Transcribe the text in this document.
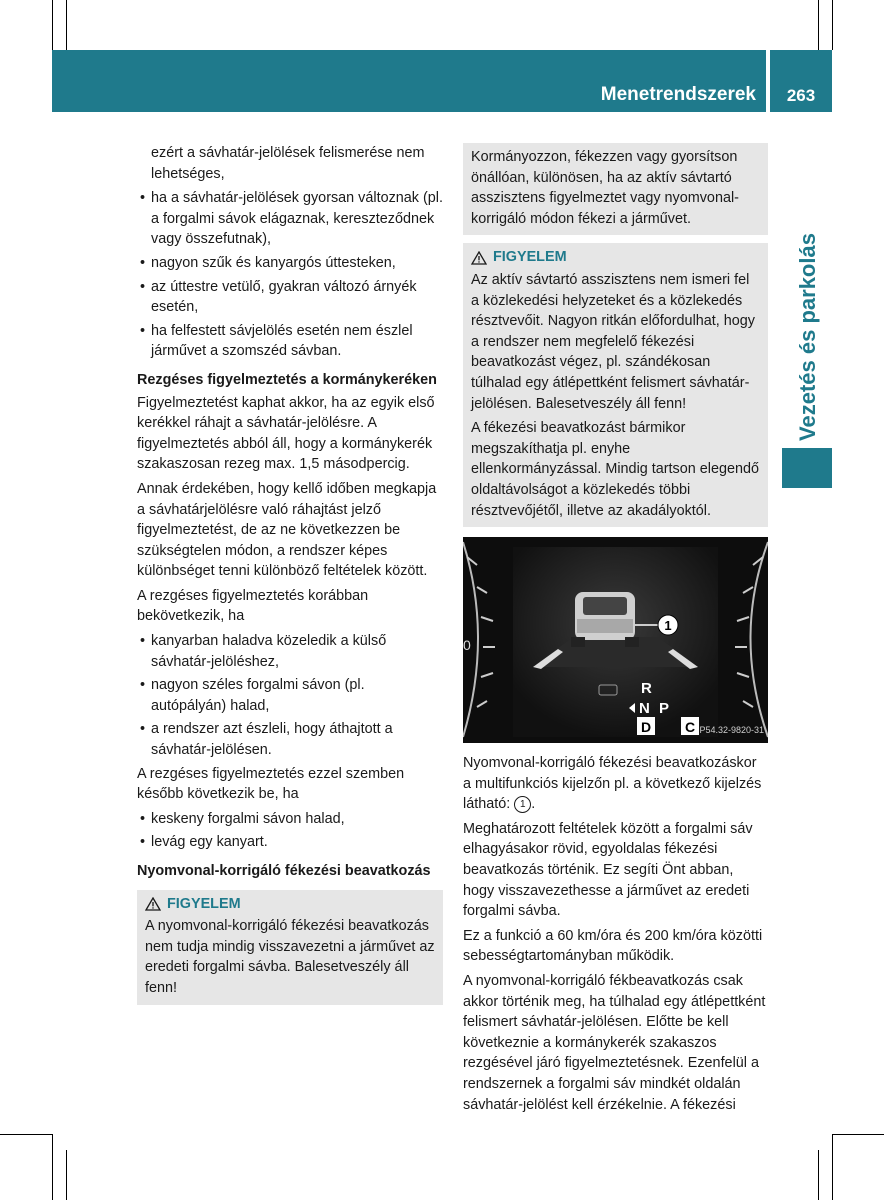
Menetrendszerek	263
Vezetés és parkolás

ezért a sávhatár-jelölések felismerése nem lehetséges,

• ha a sávhatár-jelölések gyorsan változnak (pl. a forgalmi sávok elágaznak, kereszteződnek vagy összefutnak),
• nagyon szűk és kanyargós úttesteken,
• az úttestre vetülő, gyakran változó árnyék esetén,
• ha felfestett sávjelölés esetén nem észlel járművet a szomszéd sávban.
Rezgéses figyelmeztetés a kormánykeréken

Figyelmeztetést kaphat akkor, ha az egyik első kerékkel ráhajt a sávhatár-jelölésre. A figyelmeztetés abból áll, hogy a kormánykerék szakaszosan rezeg max. 1,5 másodpercig.

Annak érdekében, hogy kellő időben megkapja a sávhatárjelölésre való ráhajtást jelző figyelmeztetést, de az ne következzen be szükségtelen módon, a rendszer képes különbséget tenni különböző feltételek között.

A rezgéses figyelmeztetés korábban bekövetkezik, ha

• kanyarban haladva közeledik a külső sávhatár-jelöléshez,
• nagyon széles forgalmi sávon (pl. autópályán) halad,
• a rendszer azt észleli, hogy áthajtott a sávhatár-jelölésen.

A rezgéses figyelmeztetés ezzel szemben később következik be, ha

• keskeny forgalmi sávon halad,
• levág egy kanyart.
Nyomvonal-korrigáló fékezési beavatkozás
FIGYELEM

A nyomvonal-korrigáló fékezési beavatkozás nem tudja mindig visszavezetni a járművet az eredeti forgalmi sávba. Balesetveszély áll fenn!

Kormányozzon, fékezzen vagy gyorsítson önállóan, különösen, ha az aktív sávtartó asszisztens figyelmeztet vagy nyomvonal-korrigáló módon fékezi a járművet.

FIGYELEM

Az aktív sávtartó asszisztens nem ismeri fel a közlekedési helyzeteket és a közlekedés résztvevőit. Nagyon ritkán előfordulhat, hogy a rendszer nem megfelelő fékezési beavatkozást végez, pl. szándékosan túlhalad egy átlépettként felismert sávhatár-jelölésen. Balesetveszély áll fenn!

A fékezési beavatkozást bármikor megszakíthatja pl. enyhe ellenkormányzással. Mindig tartson elegendő oldaltávolságot a közlekedés többi résztvevőjétől, illetve az akadályoktól.

0
1
R
N P
D C P54.32-9820-31

Nyomvonal-korrigáló fékezési beavatkozáskor a multifunkciós kijelzőn pl. a következő kijelzés látható: 1 .

Meghatározott feltételek között a forgalmi sáv elhagyásakor rövid, egyoldalas fékezési beavatkozás történik. Ez segíti Önt abban, hogy visszavezethesse a járművet az eredeti forgalmi sávba.

Ez a funkció a 60 km/óra és 200 km/óra közötti sebességtartományban működik.

A nyomvonal-korrigáló fékbeavatkozás csak akkor történik meg, ha túlhalad egy átlépettként felismert sávhatár-jelölésen. Előtte be kell következnie a kormánykerék szakaszos rezgésével járó figyelmeztetésnek. Ezenfelül a rendszernek a forgalmi sáv mindkét oldalán sávhatár-jelölést kell érzékelnie. A fékezési
